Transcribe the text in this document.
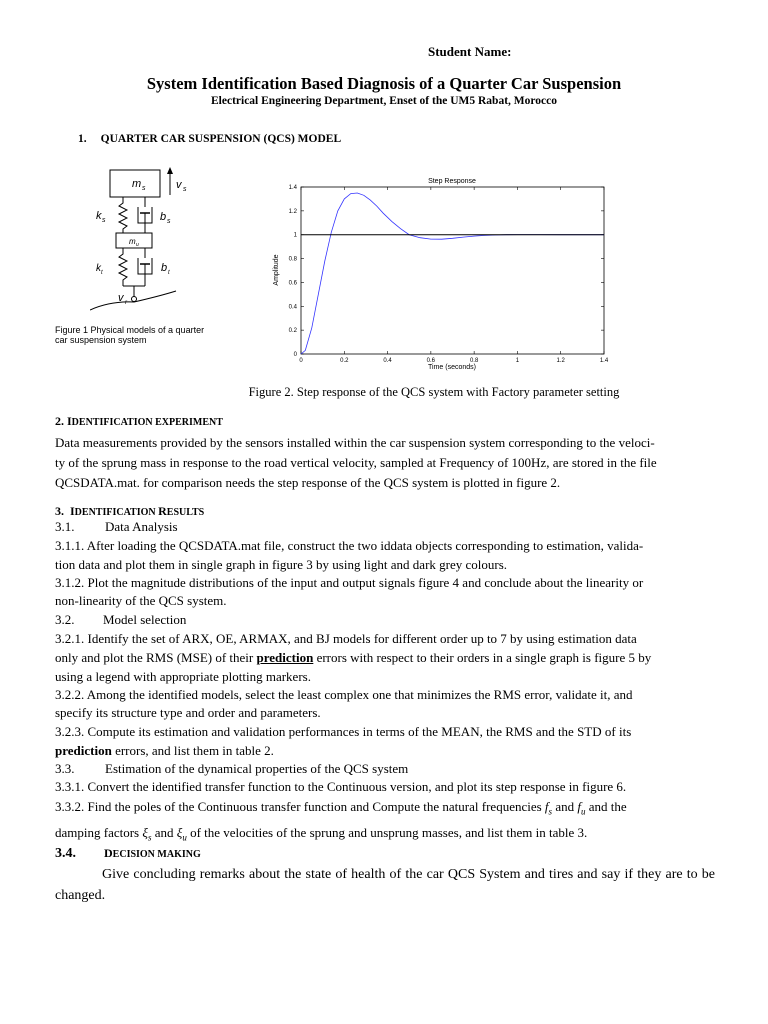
Student Name:
System Identification Based Diagnosis of a Quarter Car Suspension
Electrical Engineering Department, Enset of the UM5 Rabat, Morocco
1. QUARTER CAR SUSPENSION (QCS) MODEL
m s	v s
k s	b s
m u
k t	b t
v r
Figure 1 Physical models of a quarter car suspension system
Step Response
0	0.2	0.4	0.6	0.8	1	1.2	1.4
0
0.2
0.4
0.6
0.8
1
1.2
1.4
Time (seconds)
Amplitude
Figure 2. Step response of the QCS system with Factory parameter setting
2. IDENTIFICATION EXPERIMENT
Data measurements provided by the sensors installed within the car suspension system corresponding to the veloci-
ty of the sprung mass in response to the road vertical velocity, sampled at Frequency of 100Hz, are stored in the file
QCSDATA.mat. for comparison needs the step response of the QCS system is plotted in figure 2.
3. IDENTIFICATION RESULTS
3.1. Data Analysis
3.1.1. After loading the QCSDATA.mat file, construct the two iddata objects corresponding to estimation, valida-
tion data and plot them in single graph in figure 3 by using light and dark grey colours.
3.1.2. Plot the magnitude distributions of the input and output signals figure 4 and conclude about the linearity or
non-linearity of the QCS system.
3.2. Model selection
3.2.1. Identify the set of ARX, OE, ARMAX, and BJ models for different order up to 7 by using estimation data
only and plot the RMS (MSE) of their prediction errors with respect to their orders in a single graph is figure 5 by
using a legend with appropriate plotting markers.
3.2.2. Among the identified models, select the least complex one that minimizes the RMS error, validate it, and
specify its structure type and order and parameters.
3.2.3. Compute its estimation and validation performances in terms of the MEAN, the RMS and the STD of its
prediction errors, and list them in table 2.
3.3. Estimation of the dynamical properties of the QCS system
3.3.1. Convert the identified transfer function to the Continuous version, and plot its step response in figure 6.
3.3.2. Find the poles of the Continuous transfer function and Compute the natural frequencies $f_s$ and $f_u$ and the
damping factors $\xi_s$ and $\xi_u$ of the velocities of the sprung and unsprung masses, and list them in table 3.
3.4. DECISION MAKING
Give concluding remarks about the state of health of the car QCS System and tires and say if they are to be changed.
